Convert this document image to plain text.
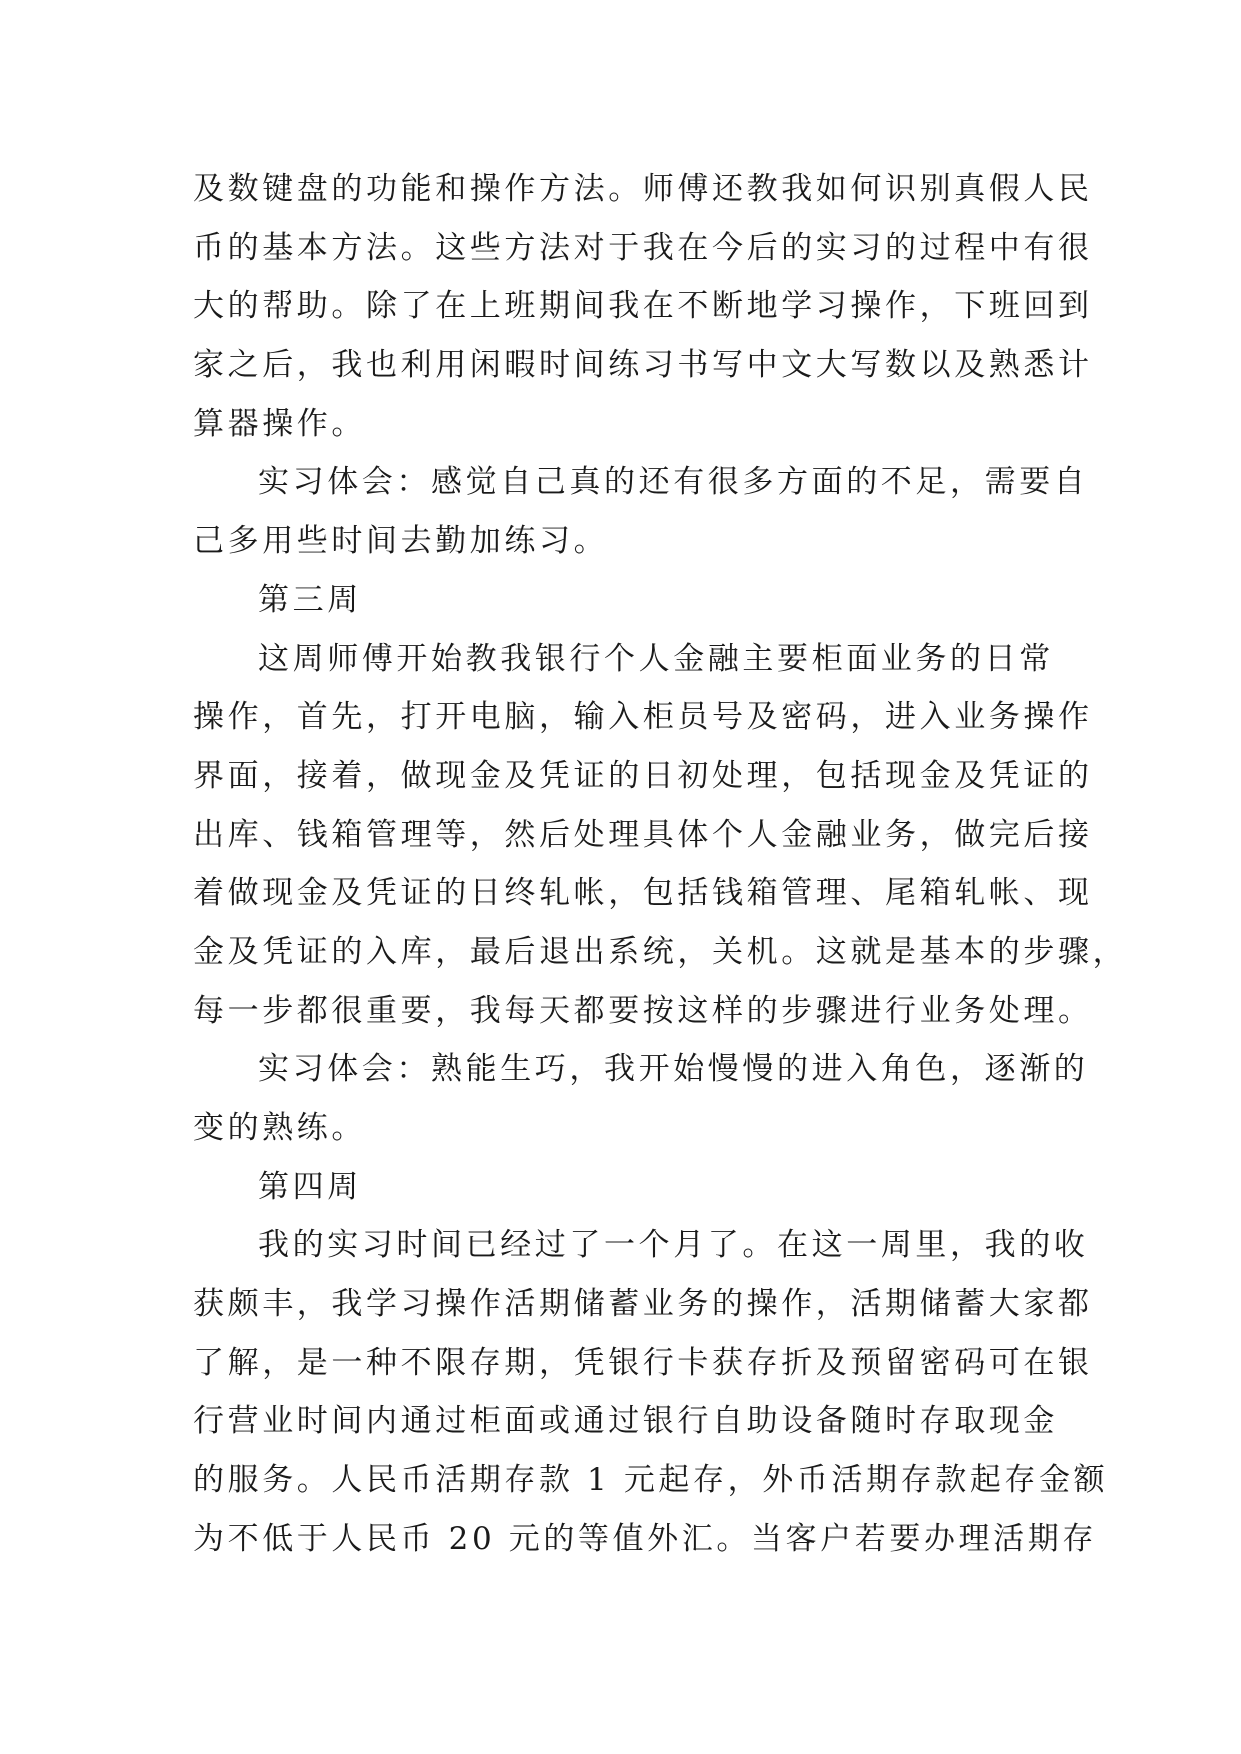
及数键盘的功能和操作方法。师傅还教我如何识别真假人民
币的基本方法。这些方法对于我在今后的实习的过程中有很
大的帮助。除了在上班期间我在不断地学习操作，下班回到
家之后，我也利用闲暇时间练习书写中文大写数以及熟悉计
算器操作。
实习体会：感觉自己真的还有很多方面的不足，需要自
己多用些时间去勤加练习。
第三周
这周师傅开始教我银行个人金融主要柜面业务的日常
操作，首先，打开电脑，输入柜员号及密码，进入业务操作
界面，接着，做现金及凭证的日初处理，包括现金及凭证的
出库、钱箱管理等，然后处理具体个人金融业务，做完后接
着做现金及凭证的日终轧帐，包括钱箱管理、尾箱轧帐、现
金及凭证的入库，最后退出系统，关机。这就是基本的步骤，
每一步都很重要，我每天都要按这样的步骤进行业务处理。
实习体会：熟能生巧，我开始慢慢的进入角色，逐渐的
变的熟练。
第四周
我的实习时间已经过了一个月了。在这一周里，我的收
获颇丰，我学习操作活期储蓄业务的操作，活期储蓄大家都
了解，是一种不限存期，凭银行卡获存折及预留密码可在银
行营业时间内通过柜面或通过银行自助设备随时存取现金
的服务。人民币活期存款 1 元起存，外币活期存款起存金额
为不低于人民币 20 元的等值外汇。当客户若要办理活期存
